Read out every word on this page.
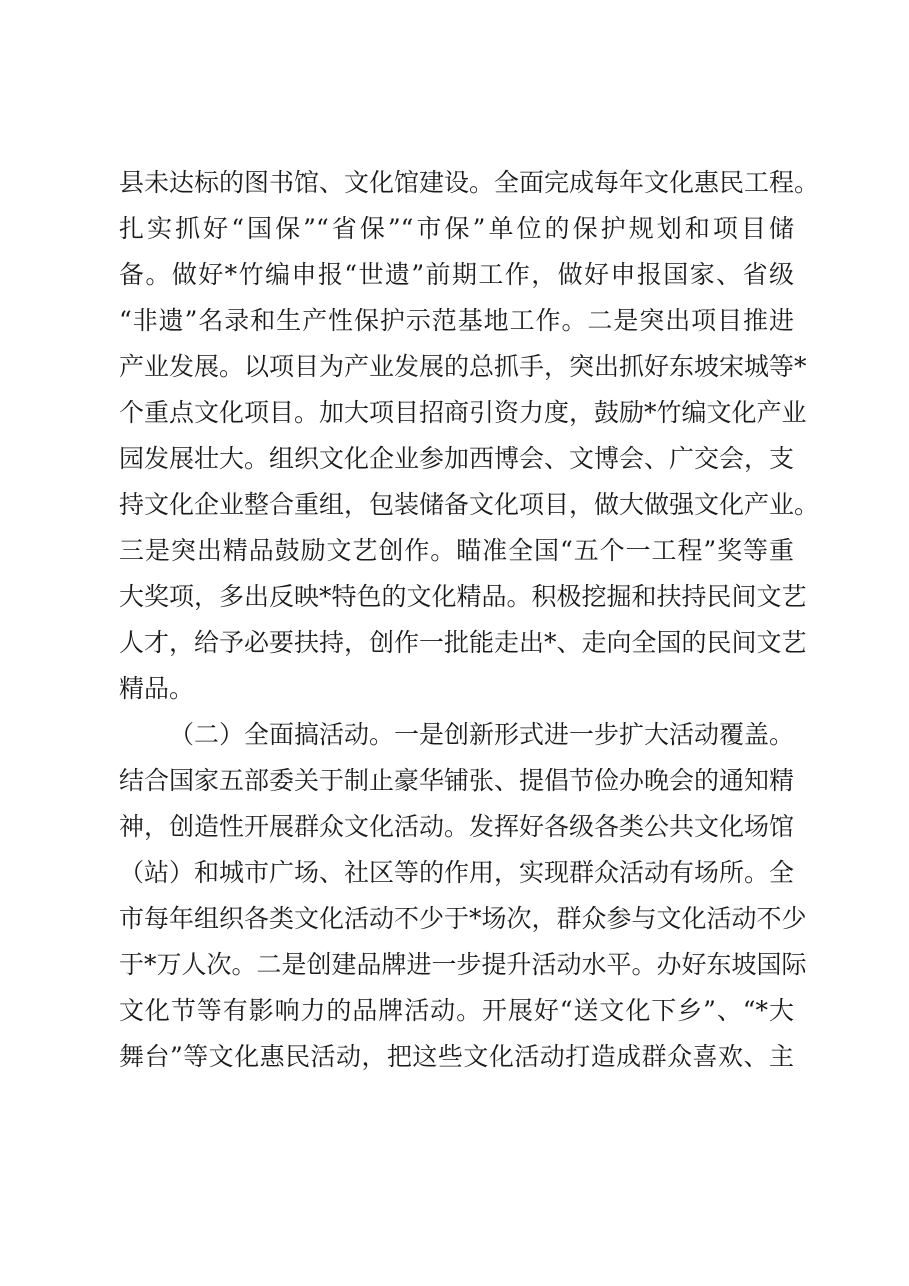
县未达标的图书馆、文化馆建设。全面完成每年文化惠民工程。
扎实抓好“国保”“省保”“市保”单位的保护规划和项目储
备。做好*竹编申报“世遗”前期工作，做好申报国家、省级
“非遗”名录和生产性保护示范基地工作。二是突出项目推进
产业发展。以项目为产业发展的总抓手，突出抓好东坡宋城等*
个重点文化项目。加大项目招商引资力度，鼓励*竹编文化产业
园发展壮大。组织文化企业参加西博会、文博会、广交会，支
持文化企业整合重组，包装储备文化项目，做大做强文化产业。
三是突出精品鼓励文艺创作。瞄准全国“五个一工程”奖等重
大奖项，多出反映*特色的文化精品。积极挖掘和扶持民间文艺
人才，给予必要扶持，创作一批能走出*、走向全国的民间文艺
精品。
（二）全面搞活动。一是创新形式进一步扩大活动覆盖。
结合国家五部委关于制止豪华铺张、提倡节俭办晚会的通知精
神，创造性开展群众文化活动。发挥好各级各类公共文化场馆
（站）和城市广场、社区等的作用，实现群众活动有场所。全
市每年组织各类文化活动不少于*场次，群众参与文化活动不少
于*万人次。二是创建品牌进一步提升活动水平。办好东坡国际
文化节等有影响力的品牌活动。开展好“送文化下乡”、“*大
舞台”等文化惠民活动，把这些文化活动打造成群众喜欢、主
